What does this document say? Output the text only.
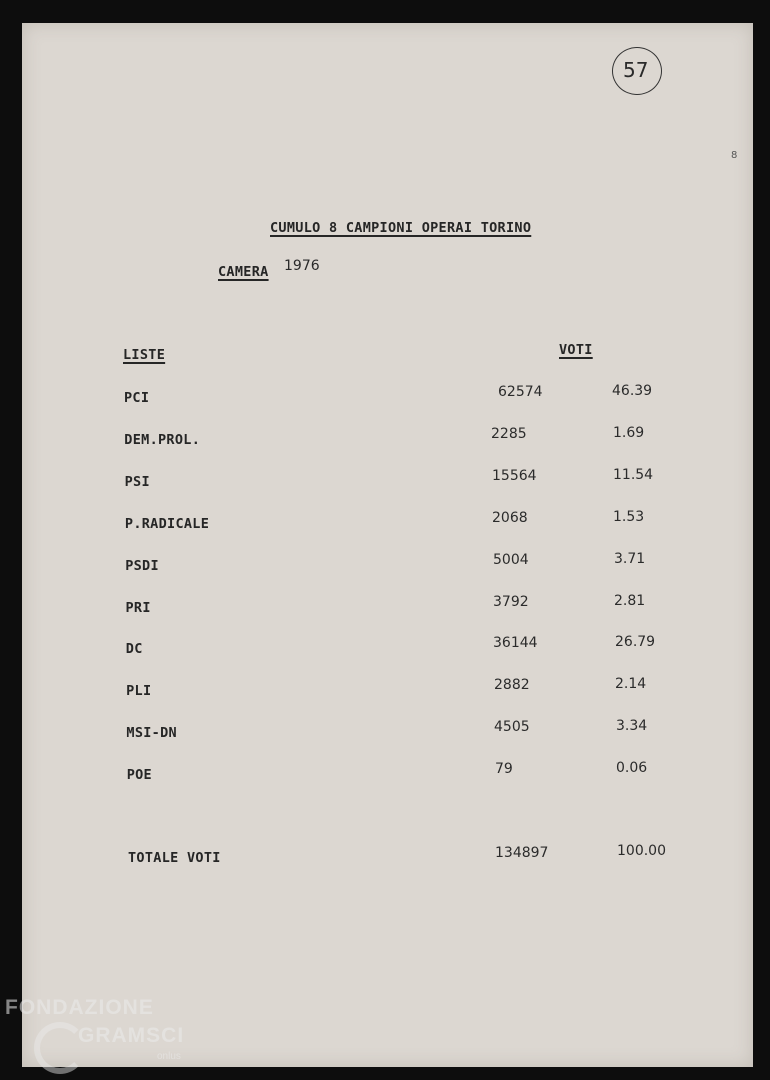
57
8
CUMULO 8 CAMPIONI OPERAI TORINO
CAMERA 1976
LISTE	VOTI
PCI	62574	46.39
DEM.PROL.	2285	1.69
PSI	15564	11.54
P.RADICALE	2068	1.53
PSDI	5004	3.71
PRI	3792	2.81
DC	36144	26.79
PLI	2882	2.14
MSI-DN	4505	3.34
POE	79	0.06
TOTALE VOTI	134897	100.00
FONDAZIONE
GRAMSCI
onlus
